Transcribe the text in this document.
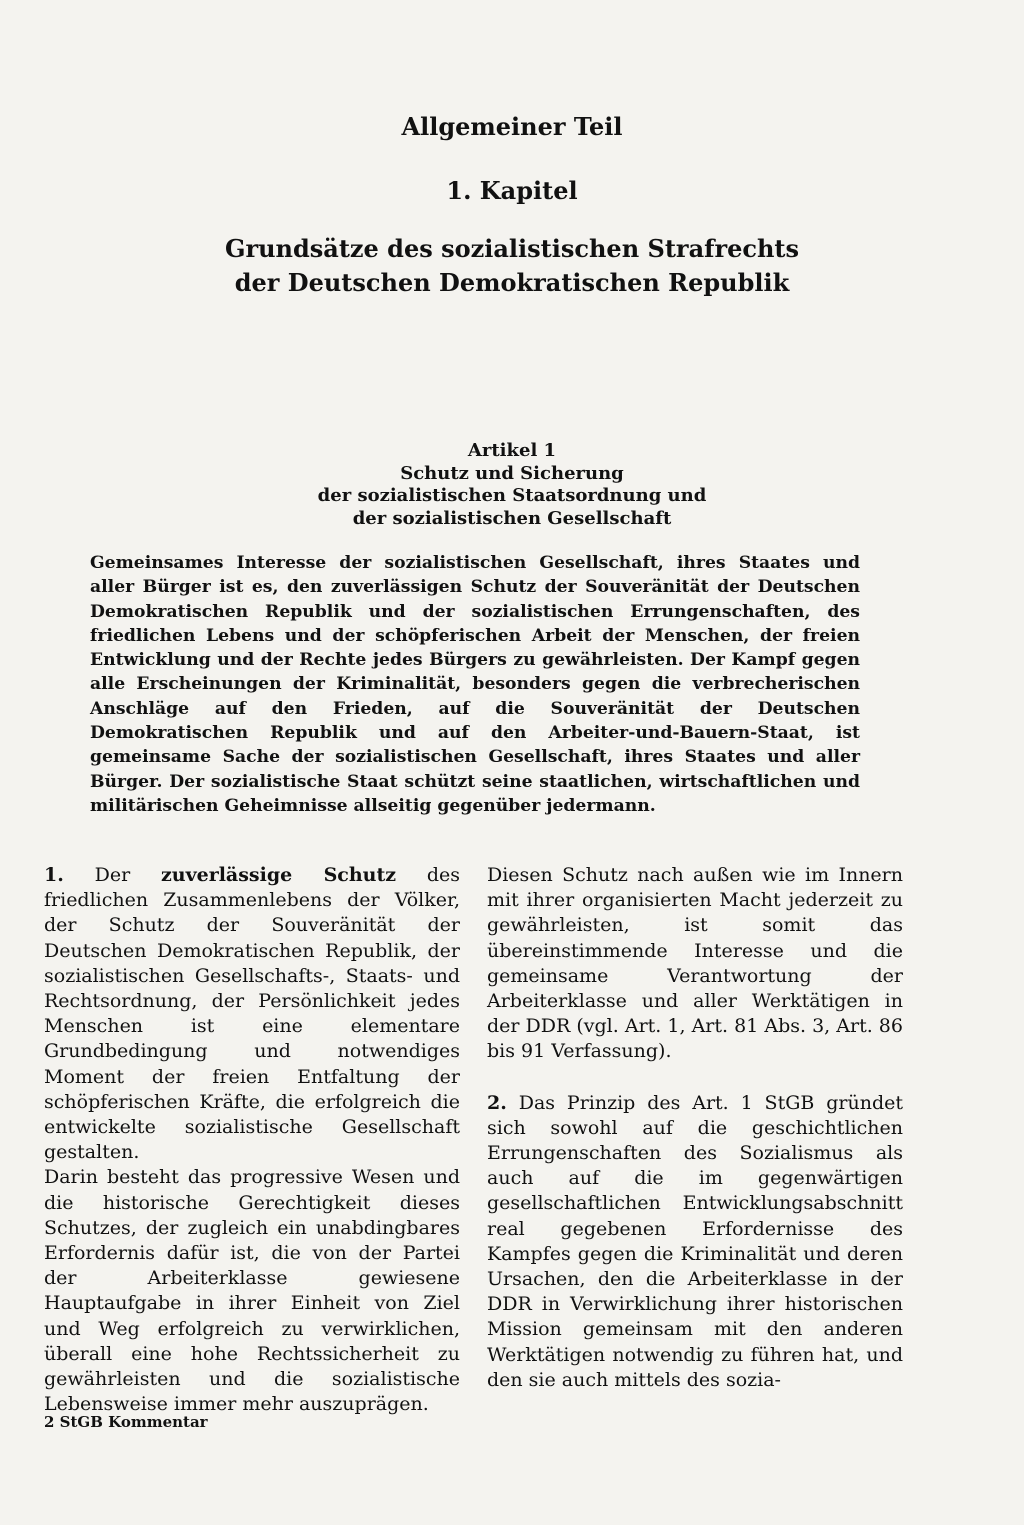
Allgemeiner Teil
1. Kapitel
Grundsätze des sozialistischen Strafrechts
der Deutschen Demokratischen Republik
Artikel 1
Schutz und Sicherung
der sozialistischen Staatsordnung und
der sozialistischen Gesellschaft

Gemeinsames Interesse der sozialistischen Gesellschaft, ihres Staates und aller Bürger ist es, den zuverlässigen Schutz der Souveränität der Deutschen Demokratischen Republik und der sozialistischen Errungenschaften, des friedlichen Lebens und der schöpferischen Arbeit der Menschen, der freien Entwicklung und der Rechte jedes Bürgers zu gewährleisten. Der Kampf gegen alle Erscheinungen der Kriminalität, besonders gegen die verbrecherischen Anschläge auf den Frieden, auf die Souveränität der Deutschen Demokratischen Republik und auf den Arbeiter-und-Bauern-Staat, ist gemeinsame Sache der sozialistischen Gesellschaft, ihres Staates und aller Bürger. Der sozialistische Staat schützt seine staatlichen, wirtschaftlichen und militärischen Geheimnisse allseitig gegenüber jedermann.

1. Der zuverlässige Schutz des friedlichen Zusammenlebens der Völker, der Schutz der Souveränität der Deutschen Demokratischen Republik, der sozialistischen Gesellschafts-, Staats- und Rechtsordnung, der Persönlichkeit jedes Menschen ist eine elementare Grundbedingung und notwendiges Moment der freien Entfaltung der schöpferischen Kräfte, die erfolgreich die entwickelte sozialistische Gesellschaft gestalten.

Darin besteht das progressive Wesen und die historische Gerechtigkeit dieses Schutzes, der zugleich ein unabdingbares Erfordernis dafür ist, die von der Partei der Arbeiterklasse gewiesene Hauptaufgabe in ihrer Einheit von Ziel und Weg erfolgreich zu verwirklichen, überall eine hohe Rechtssicherheit zu gewährleisten und die sozialistische Lebensweise immer mehr auszuprägen.

Diesen Schutz nach außen wie im Innern mit ihrer organisierten Macht jederzeit zu gewährleisten, ist somit das übereinstimmende Interesse und die gemeinsame Verantwortung der Arbeiterklasse und aller Werktätigen in der DDR (vgl. Art. 1, Art. 81 Abs. 3, Art. 86 bis 91 Verfassung).

2. Das Prinzip des Art. 1 StGB gründet sich sowohl auf die geschichtlichen Errungenschaften des Sozialismus als auch auf die im gegenwärtigen gesellschaftlichen Entwicklungsabschnitt real gegebenen Erfordernisse des Kampfes gegen die Kriminalität und deren Ursachen, den die Arbeiterklasse in der DDR in Verwirklichung ihrer historischen Mission gemeinsam mit den anderen Werktätigen notwendig zu führen hat, und den sie auch mittels des sozia-

2 StGB Kommentar
